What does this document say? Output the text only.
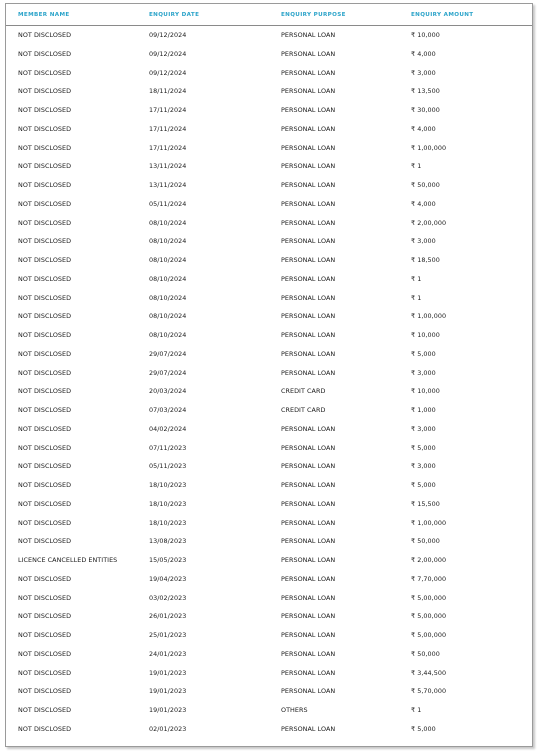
MEMBER NAME	ENQUIRY DATE	ENQUIRY PURPOSE	ENQUIRY AMOUNT
NOT DISCLOSED	09/12/2024	PERSONAL LOAN	₹ 10,000
NOT DISCLOSED	09/12/2024	PERSONAL LOAN	₹ 4,000
NOT DISCLOSED	09/12/2024	PERSONAL LOAN	₹ 3,000
NOT DISCLOSED	18/11/2024	PERSONAL LOAN	₹ 13,500
NOT DISCLOSED	17/11/2024	PERSONAL LOAN	₹ 30,000
NOT DISCLOSED	17/11/2024	PERSONAL LOAN	₹ 4,000
NOT DISCLOSED	17/11/2024	PERSONAL LOAN	₹ 1,00,000
NOT DISCLOSED	13/11/2024	PERSONAL LOAN	₹ 1
NOT DISCLOSED	13/11/2024	PERSONAL LOAN	₹ 50,000
NOT DISCLOSED	05/11/2024	PERSONAL LOAN	₹ 4,000
NOT DISCLOSED	08/10/2024	PERSONAL LOAN	₹ 2,00,000
NOT DISCLOSED	08/10/2024	PERSONAL LOAN	₹ 3,000
NOT DISCLOSED	08/10/2024	PERSONAL LOAN	₹ 18,500
NOT DISCLOSED	08/10/2024	PERSONAL LOAN	₹ 1
NOT DISCLOSED	08/10/2024	PERSONAL LOAN	₹ 1
NOT DISCLOSED	08/10/2024	PERSONAL LOAN	₹ 1,00,000
NOT DISCLOSED	08/10/2024	PERSONAL LOAN	₹ 10,000
NOT DISCLOSED	29/07/2024	PERSONAL LOAN	₹ 5,000
NOT DISCLOSED	29/07/2024	PERSONAL LOAN	₹ 3,000
NOT DISCLOSED	20/03/2024	CREDIT CARD	₹ 10,000
NOT DISCLOSED	07/03/2024	CREDIT CARD	₹ 1,000
NOT DISCLOSED	04/02/2024	PERSONAL LOAN	₹ 3,000
NOT DISCLOSED	07/11/2023	PERSONAL LOAN	₹ 5,000
NOT DISCLOSED	05/11/2023	PERSONAL LOAN	₹ 3,000
NOT DISCLOSED	18/10/2023	PERSONAL LOAN	₹ 5,000
NOT DISCLOSED	18/10/2023	PERSONAL LOAN	₹ 15,500
NOT DISCLOSED	18/10/2023	PERSONAL LOAN	₹ 1,00,000
NOT DISCLOSED	13/08/2023	PERSONAL LOAN	₹ 50,000
LICENCE CANCELLED ENTITIES	15/05/2023	PERSONAL LOAN	₹ 2,00,000
NOT DISCLOSED	19/04/2023	PERSONAL LOAN	₹ 7,70,000
NOT DISCLOSED	03/02/2023	PERSONAL LOAN	₹ 5,00,000
NOT DISCLOSED	26/01/2023	PERSONAL LOAN	₹ 5,00,000
NOT DISCLOSED	25/01/2023	PERSONAL LOAN	₹ 5,00,000
NOT DISCLOSED	24/01/2023	PERSONAL LOAN	₹ 50,000
NOT DISCLOSED	19/01/2023	PERSONAL LOAN	₹ 3,44,500
NOT DISCLOSED	19/01/2023	PERSONAL LOAN	₹ 5,70,000
NOT DISCLOSED	19/01/2023	OTHERS	₹ 1
NOT DISCLOSED	02/01/2023	PERSONAL LOAN	₹ 5,000
